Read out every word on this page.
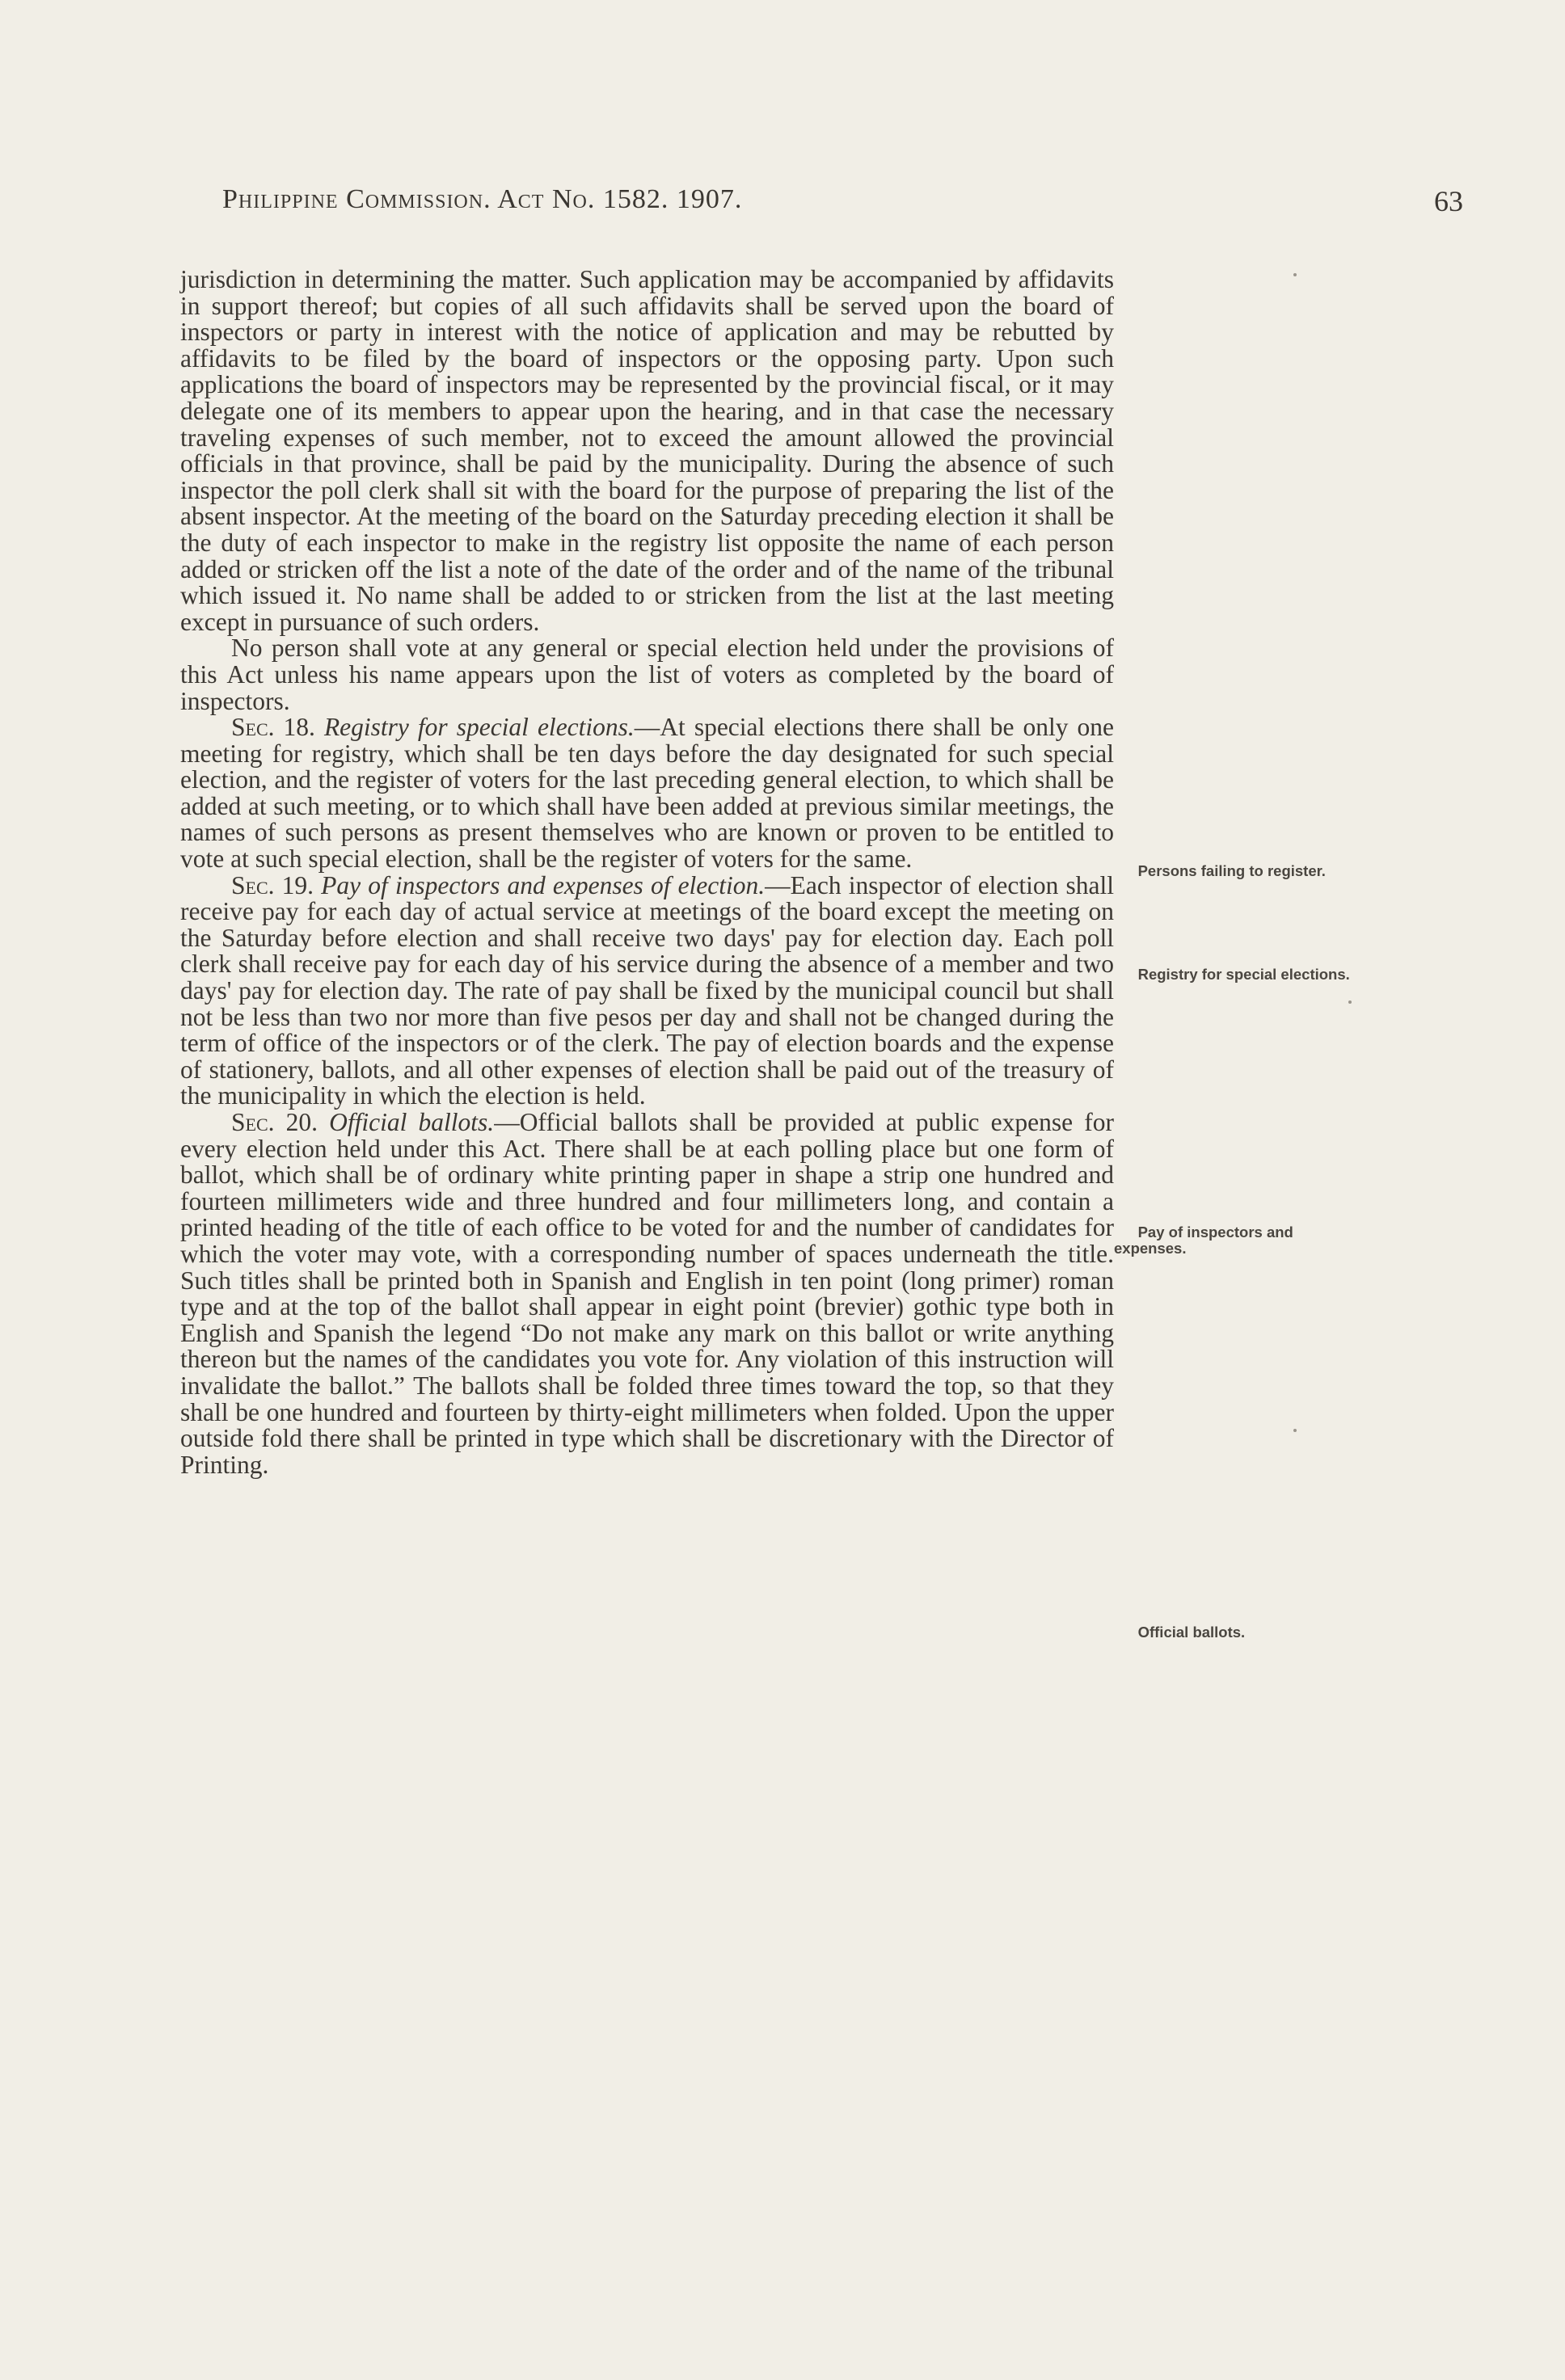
Philippine Commission. Act No. 1582. 1907.	63

jurisdiction in determining the matter. Such application may be accompanied by affidavits in support thereof; but copies of all such affidavits shall be served upon the board of inspectors or party in interest with the notice of application and may be rebutted by affidavits to be filed by the board of inspectors or the opposing party. Upon such applications the board of inspectors may be represented by the provincial fiscal, or it may delegate one of its members to appear upon the hearing, and in that case the necessary traveling expenses of such member, not to exceed the amount allowed the provincial officials in that province, shall be paid by the municipality. During the absence of such inspector the poll clerk shall sit with the board for the purpose of preparing the list of the absent inspector. At the meeting of the board on the Saturday preceding election it shall be the duty of each inspector to make in the registry list opposite the name of each person added or stricken off the list a note of the date of the order and of the name of the tribunal which issued it. No name shall be added to or stricken from the list at the last meeting except in pursuance of such orders.

No person shall vote at any general or special election held under the provisions of this Act unless his name appears upon the list of voters as completed by the board of inspectors.

Sec. 18. Registry for special elections.—At special elections there shall be only one meeting for registry, which shall be ten days before the day designated for such special election, and the register of voters for the last preceding general election, to which shall be added at such meeting, or to which shall have been added at previous similar meetings, the names of such persons as present themselves who are known or proven to be entitled to vote at such special election, shall be the register of voters for the same.

Sec. 19. Pay of inspectors and expenses of election.—Each inspector of election shall receive pay for each day of actual service at meetings of the board except the meeting on the Saturday before election and shall receive two days' pay for election day. Each poll clerk shall receive pay for each day of his service during the absence of a member and two days' pay for election day. The rate of pay shall be fixed by the municipal council but shall not be less than two nor more than five pesos per day and shall not be changed during the term of office of the inspectors or of the clerk. The pay of election boards and the expense of stationery, ballots, and all other expenses of election shall be paid out of the treasury of the municipality in which the election is held.

Sec. 20. Official ballots.—Official ballots shall be provided at public expense for every election held under this Act. There shall be at each polling place but one form of ballot, which shall be of ordinary white printing paper in shape a strip one hundred and fourteen millimeters wide and three hundred and four millimeters long, and contain a printed heading of the title of each office to be voted for and the number of candidates for which the voter may vote, with a corresponding number of spaces underneath the title. Such titles shall be printed both in Spanish and English in ten point (long primer) roman type and at the top of the ballot shall appear in eight point (brevier) gothic type both in English and Spanish the legend “Do not make any mark on this ballot or write anything thereon but the names of the candidates you vote for. Any violation of this instruction will invalidate the ballot.” The ballots shall be folded three times toward the top, so that they shall be one hundred and fourteen by thirty-eight millimeters when folded. Upon the upper outside fold there shall be printed in type which shall be discretionary with the Director of Printing.

Persons failing to register.
Registry for special elections.
Pay of inspectors and expenses.
Official ballots.
